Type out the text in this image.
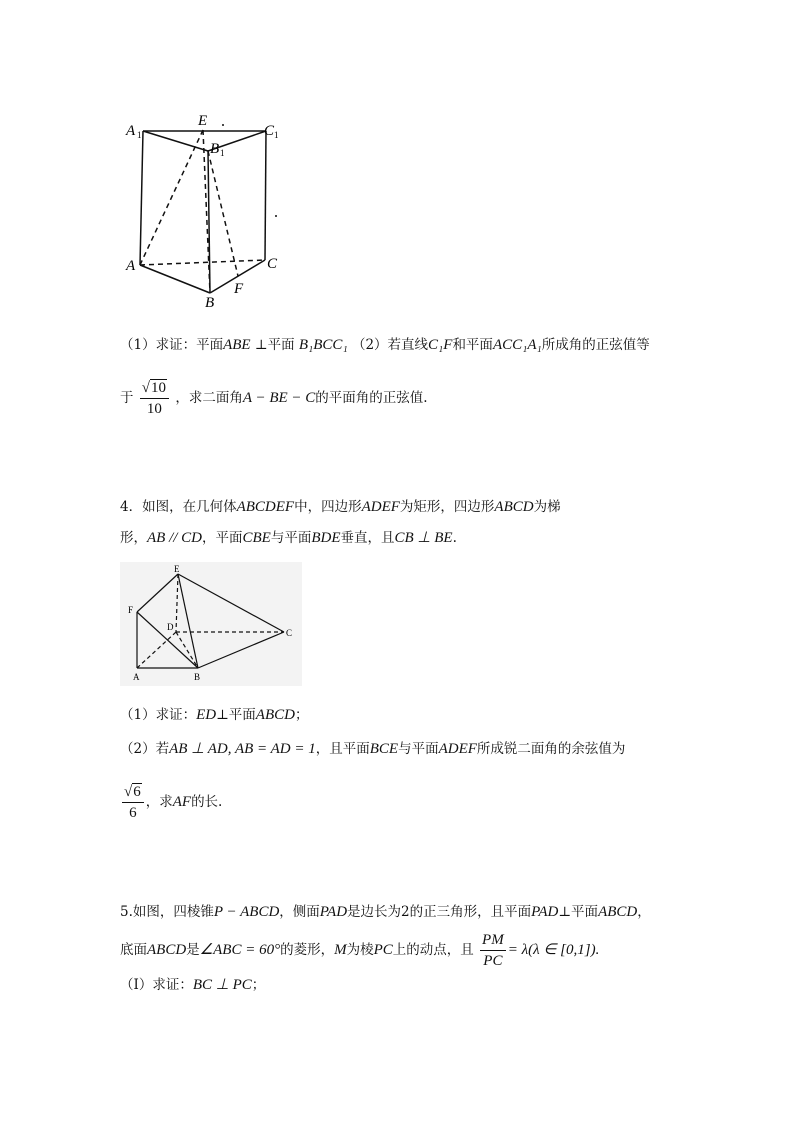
A 1
E
C 1
B 1
A	C
B
F
（1）求证：平面ABE ⊥平面 B₁BCC₁ （2）若直线C₁F和平面ACC₁A₁所成角的正弦值等
于 $\frac{√10}{10}$ ，求二面角A − BE − C的平面角的正弦值.
4．如图，在几何体ABCDEF中，四边形ADEF为矩形，四边形ABCD为梯
形，AB // CD，平面CBE与平面BDE垂直，且CB ⊥ BE.
E
F
D
C
A	B
（1）求证：ED⊥平面ABCD；
（2）若AB ⊥ AD, AB = AD = 1，且平面BCE与平面ADEF所成锐二面角的余弦值为
$\frac{√6}{6}$ ，求AF的长.
5.如图，四棱锥P − ABCD，侧面PAD是边长为2的正三角形，且平面PAD⊥平面ABCD，
底面ABCD是∠ABC = 60°的菱形，M为棱PC上的动点，且 $\frac{PM}{PC} = \lambda(\lambda$ ∈ [0,1]).
（Ⅰ）求证：BC ⊥ PC；
